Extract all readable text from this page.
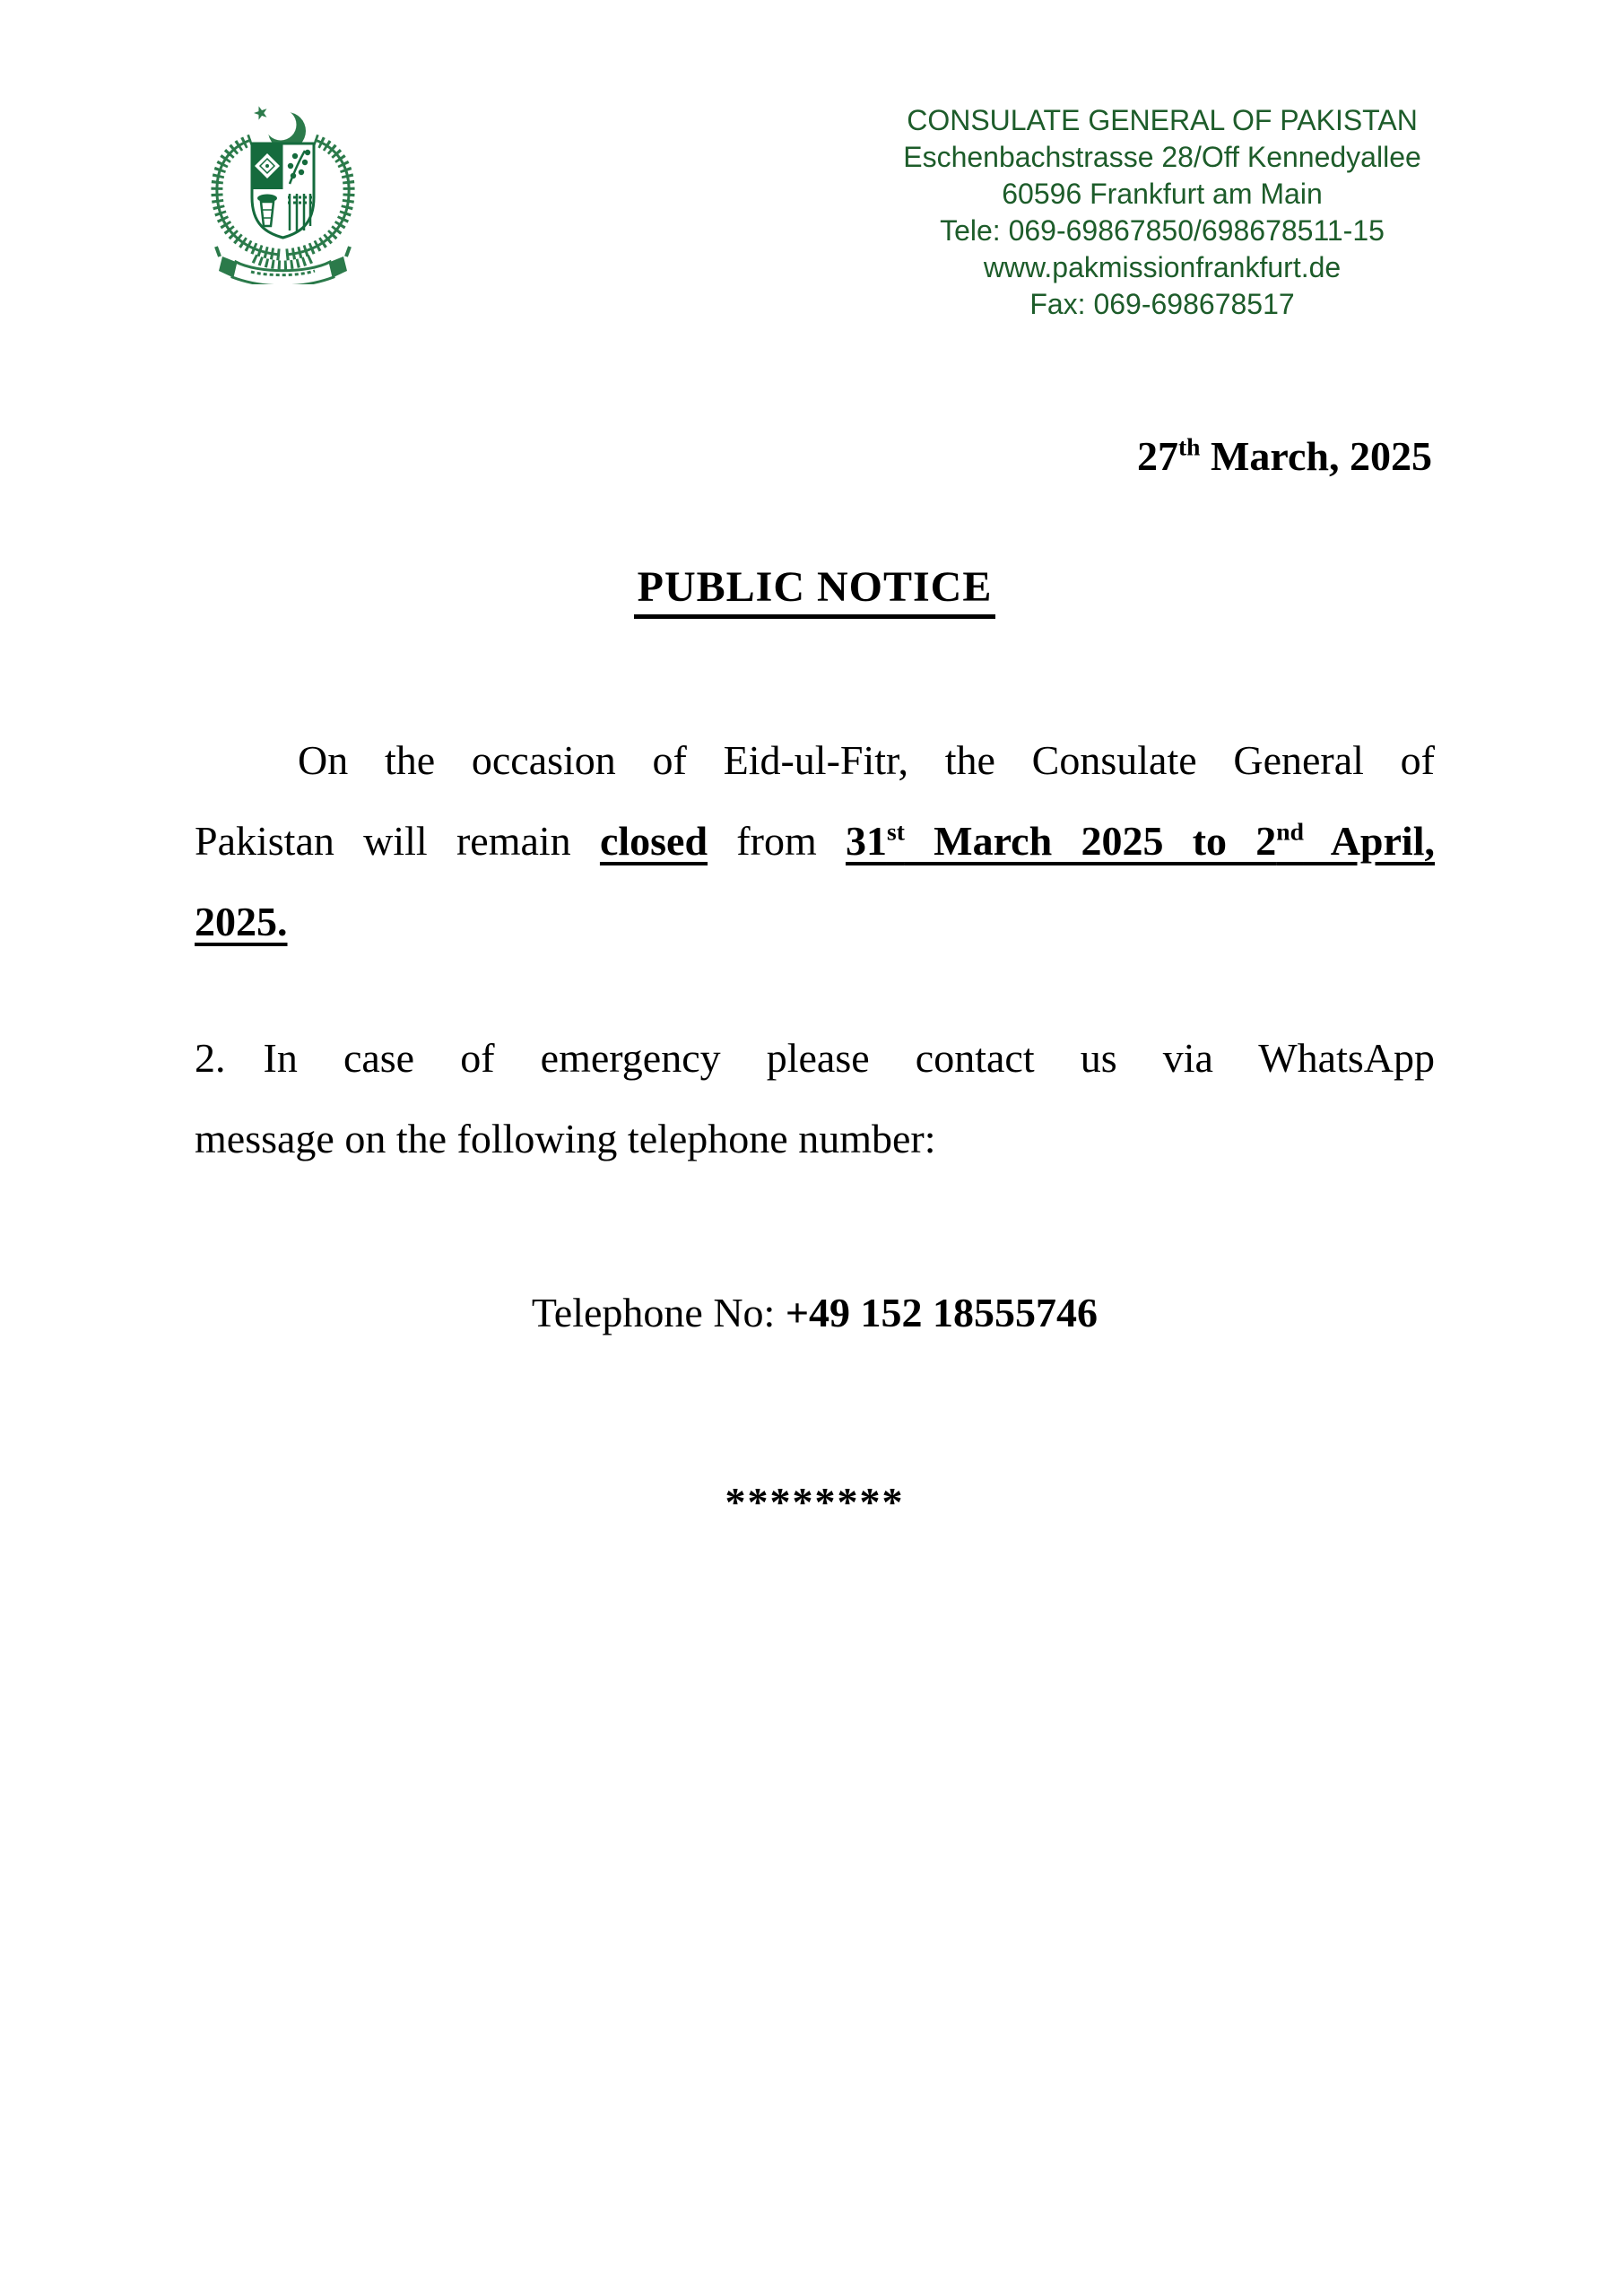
CONSULATE GENERAL OF PAKISTAN
Eschenbachstrasse 28/Off Kennedyallee
60596 Frankfurt am Main
Tele: 069-69867850/698678511-15
www.pakmissionfrankfurt.de
Fax: 069-698678517
27th March, 2025
PUBLIC NOTICE
On the occasion of Eid-ul-Fitr, the Consulate General of
Pakistan will remain closed from 31st March 2025 to 2nd April,
2025.
2. In case of emergency please contact us via WhatsApp
message on the following telephone number:
Telephone No: +49 152 18555746
********
